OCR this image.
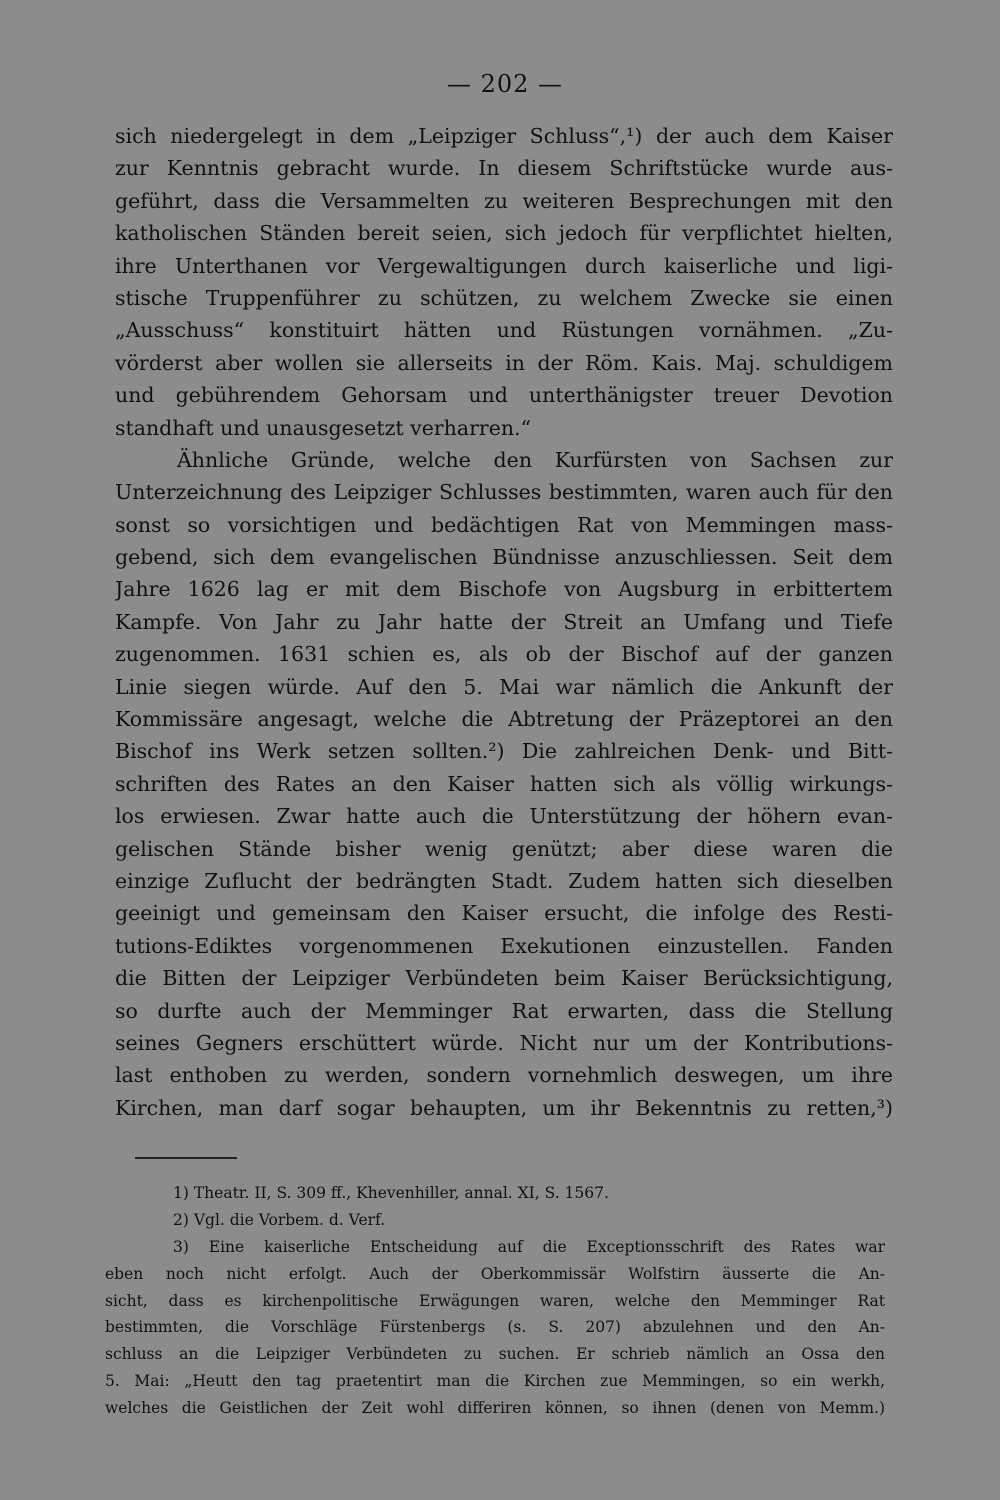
— 202 —
sich niedergelegt in dem „Leipziger Schluss“,¹) der auch dem Kaiser
zur Kenntnis gebracht wurde. In diesem Schriftstücke wurde aus-
geführt, dass die Versammelten zu weiteren Besprechungen mit den
katholischen Ständen bereit seien, sich jedoch für verpflichtet hielten,
ihre Unterthanen vor Vergewaltigungen durch kaiserliche und ligi-
stische Truppenführer zu schützen, zu welchem Zwecke sie einen
„Ausschuss“ konstituirt hätten und Rüstungen vornähmen. „Zu-
vörderst aber wollen sie allerseits in der Röm. Kais. Maj. schuldigem
und gebührendem Gehorsam und unterthänigster treuer Devotion
standhaft und unausgesetzt verharren.“
Ähnliche Gründe, welche den Kurfürsten von Sachsen zur
Unterzeichnung des Leipziger Schlusses bestimmten, waren auch für den
sonst so vorsichtigen und bedächtigen Rat von Memmingen mass-
gebend, sich dem evangelischen Bündnisse anzuschliessen. Seit dem
Jahre 1626 lag er mit dem Bischofe von Augsburg in erbittertem
Kampfe. Von Jahr zu Jahr hatte der Streit an Umfang und Tiefe
zugenommen. 1631 schien es, als ob der Bischof auf der ganzen
Linie siegen würde. Auf den 5. Mai war nämlich die Ankunft der
Kommissäre angesagt, welche die Abtretung der Präzeptorei an den
Bischof ins Werk setzen sollten.²) Die zahlreichen Denk- und Bitt-
schriften des Rates an den Kaiser hatten sich als völlig wirkungs-
los erwiesen. Zwar hatte auch die Unterstützung der höhern evan-
gelischen Stände bisher wenig genützt; aber diese waren die
einzige Zuflucht der bedrängten Stadt. Zudem hatten sich dieselben
geeinigt und gemeinsam den Kaiser ersucht, die infolge des Resti-
tutions-Ediktes vorgenommenen Exekutionen einzustellen. Fanden
die Bitten der Leipziger Verbündeten beim Kaiser Berücksichtigung,
so durfte auch der Memminger Rat erwarten, dass die Stellung
seines Gegners erschüttert würde. Nicht nur um der Kontributions-
last enthoben zu werden, sondern vornehmlich deswegen, um ihre
Kirchen, man darf sogar behaupten, um ihr Bekenntnis zu retten,³)
1) Theatr. II, S. 309 ff., Khevenhiller, annal. XI, S. 1567.
2) Vgl. die Vorbem. d. Verf.
3) Eine kaiserliche Entscheidung auf die Exceptionsschrift des Rates war
eben noch nicht erfolgt. Auch der Oberkommissär Wolfstirn äusserte die An-
sicht, dass es kirchenpolitische Erwägungen waren, welche den Memminger Rat
bestimmten, die Vorschläge Fürstenbergs (s. S. 207) abzulehnen und den An-
schluss an die Leipziger Verbündeten zu suchen. Er schrieb nämlich an Ossa den
5. Mai: „Heutt den tag praetentirt man die Kirchen zue Memmingen, so ein werkh,
welches die Geistlichen der Zeit wohl differiren können, so ihnen (denen von Memm.)
